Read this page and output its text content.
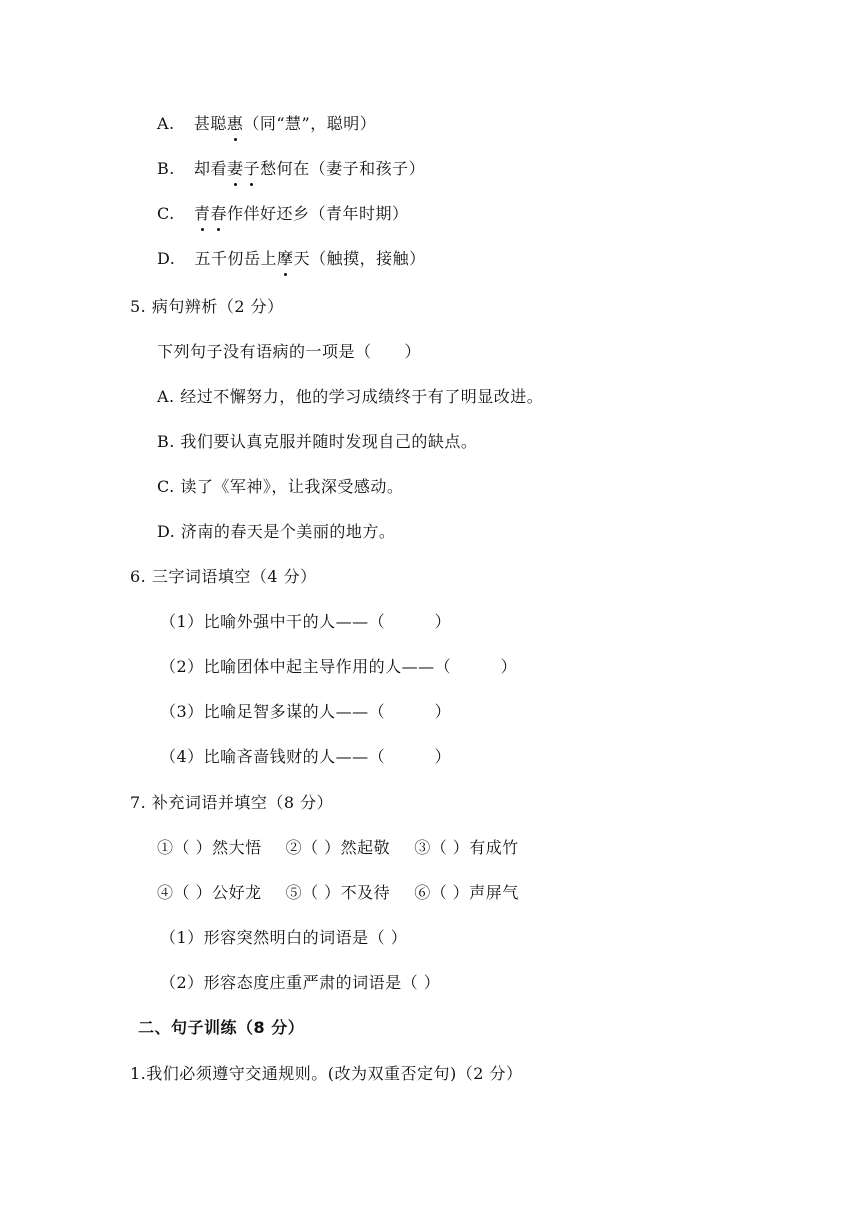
A. 甚聪惠（同“慧”，聪明）
B. 却看妻子愁何在（妻子和孩子）
C. 青春作伴好还乡（青年时期）
D. 五千仞岳上摩天（触摸，接触）
5. 病句辨析（2 分）
下列句子没有语病的一项是（　　）
A. 经过不懈努力，他的学习成绩终于有了明显改进。
B. 我们要认真克服并随时发现自己的缺点。
C. 读了《军神》，让我深受感动。
D. 济南的春天是个美丽的地方。
6. 三字词语填空（4 分）
（1）比喻外强中干的人——（　　　）
（2）比喻团体中起主导作用的人——（　　　）
（3）比喻足智多谋的人——（　　　）
（4）比喻吝啬钱财的人——（　　　）
7. 补充词语并填空（8 分）
①（ ）然大悟 ②（ ）然起敬 ③（ ）有成竹
④（ ）公好龙 ⑤（ ）不及待 ⑥（ ）声屏气
（1）形容突然明白的词语是（ ）
（2）形容态度庄重严肃的词语是（ ）
二、句子训练（8 分）
1.我们必须遵守交通规则。(改为双重否定句)（2 分）
